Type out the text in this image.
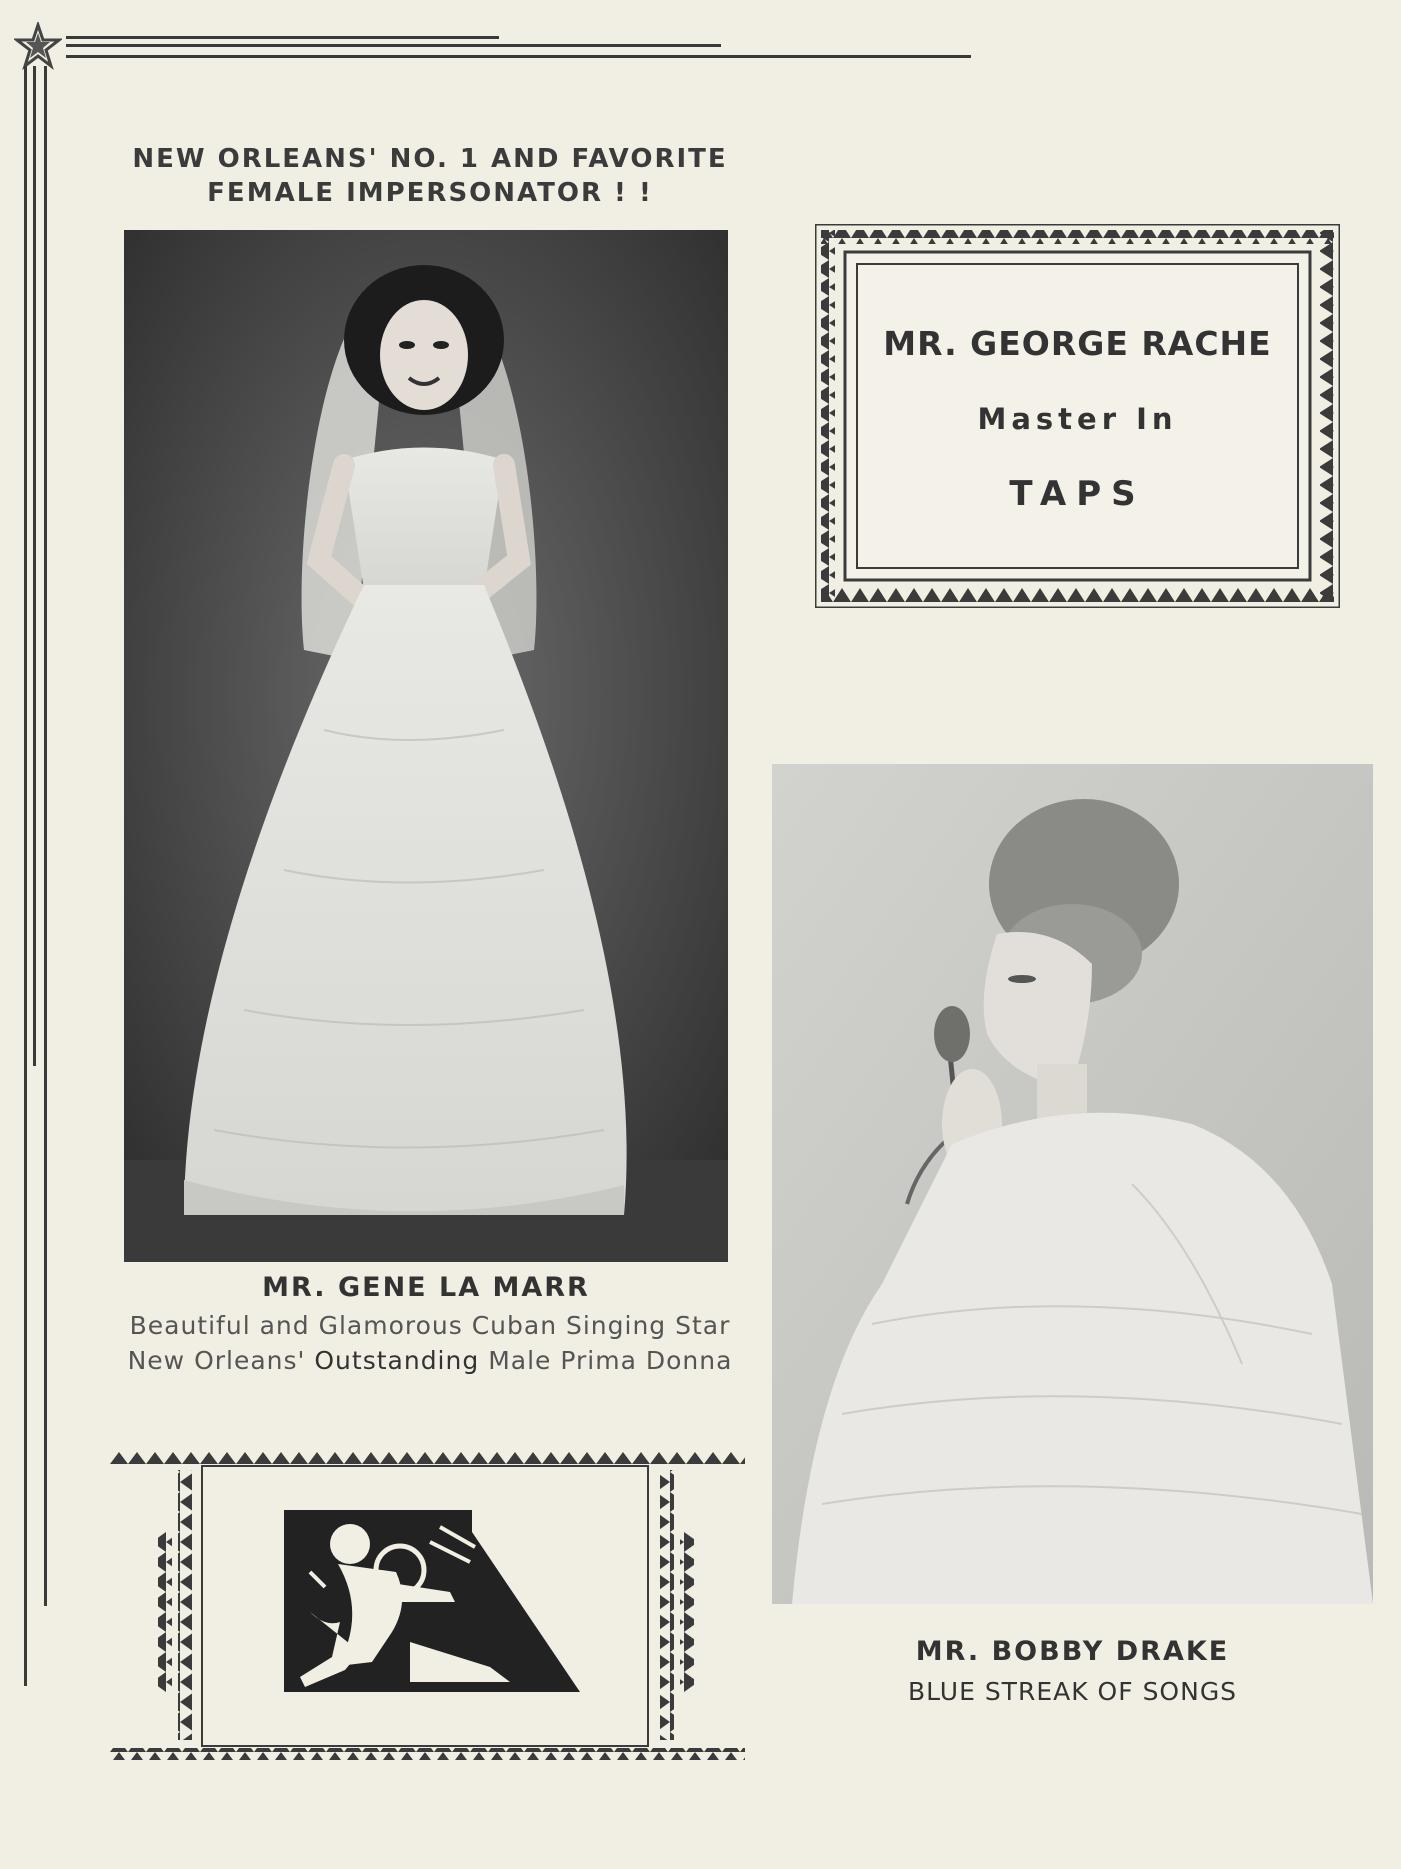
NEW ORLEANS' NO. 1 AND FAVORITE
FEMALE IMPERSONATOR ! !
MR. GENE LA MARR
Beautiful and Glamorous Cuban Singing Star
New Orleans' Outstanding Male Prima Donna
MR. GEORGE RACHE
Master In
TAPS
MR. BOBBY DRAKE
BLUE STREAK OF SONGS
